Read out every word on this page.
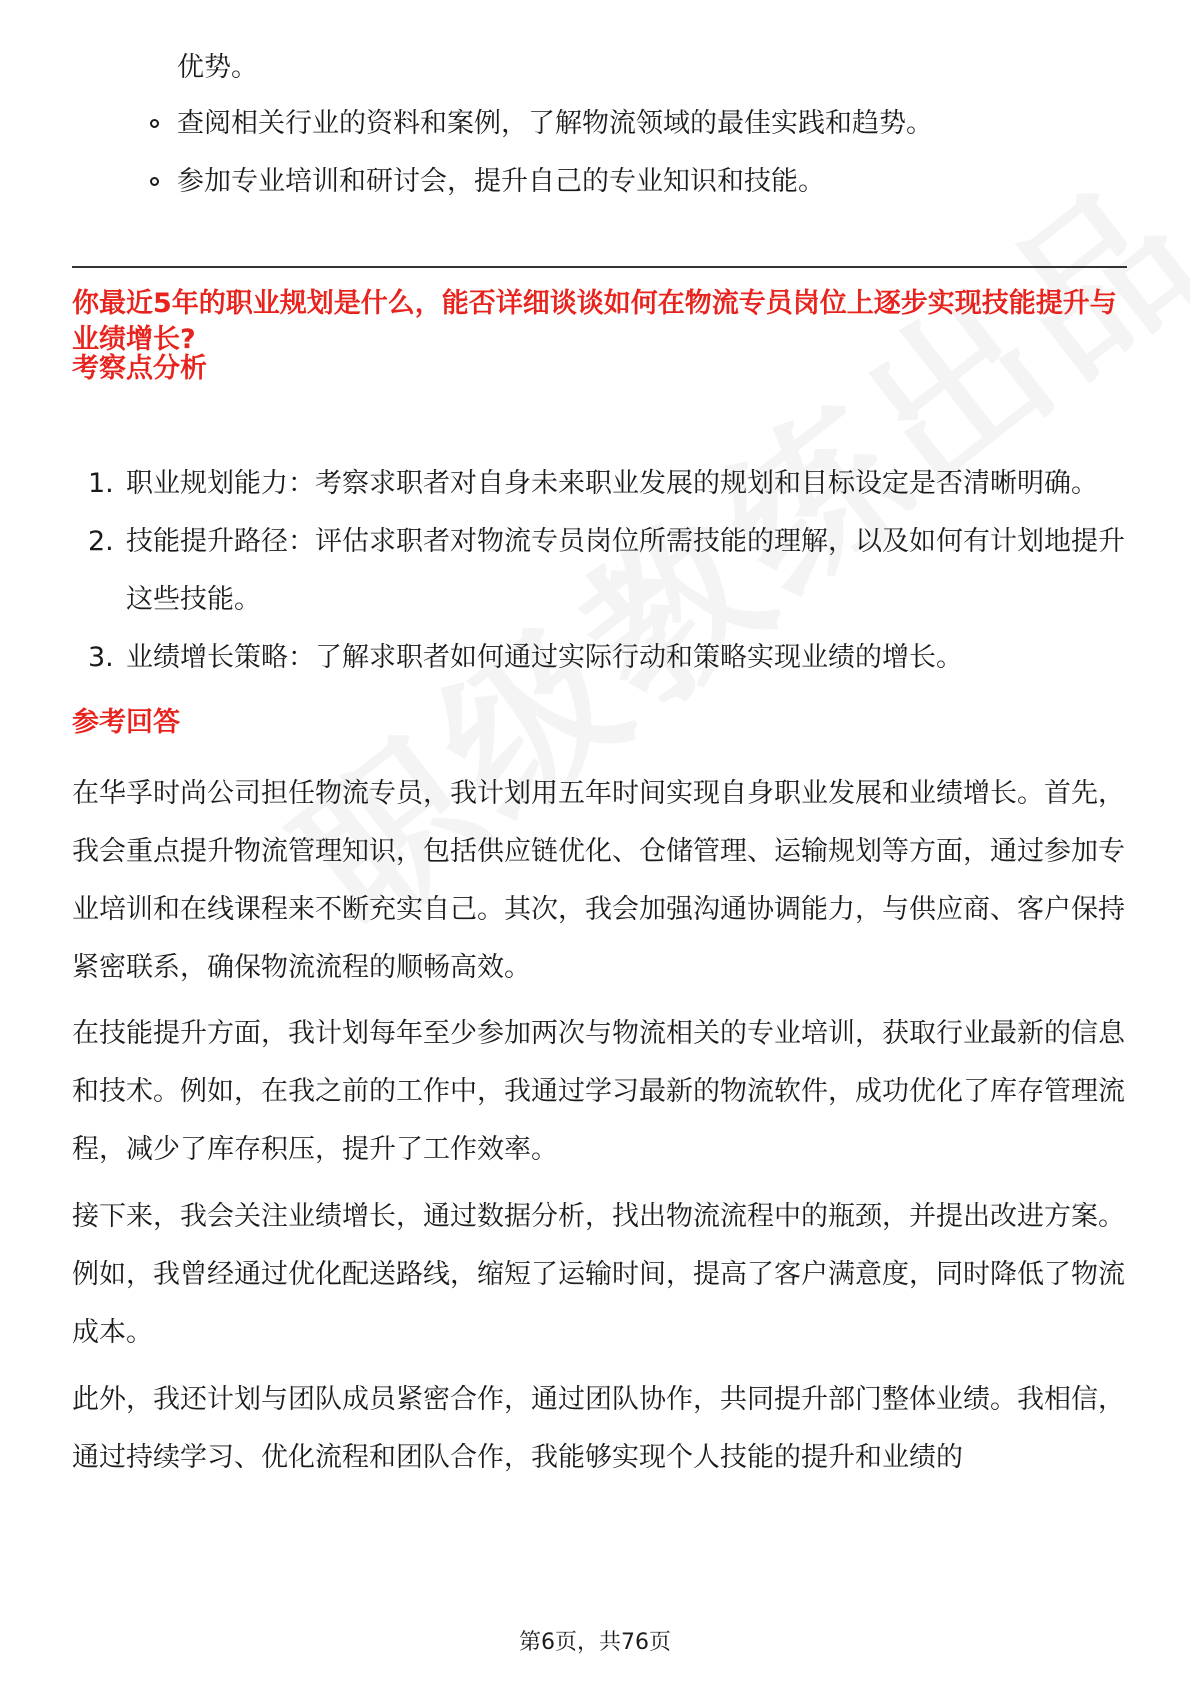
优势。
查阅相关行业的资料和案例，了解物流领域的最佳实践和趋势。
参加专业培训和研讨会，提升自己的专业知识和技能。
你最近5年的职业规划是什么，能否详细谈谈如何在物流专员岗位上逐步实现技能提升与业绩增长?
考察点分析
1. 职业规划能力：考察求职者对自身未来职业发展的规划和目标设定是否清晰明确。
2. 技能提升路径：评估求职者对物流专员岗位所需技能的理解，以及如何有计划地提升这些技能。
3. 业绩增长策略：了解求职者如何通过实际行动和策略实现业绩的增长。
参考回答

在华孚时尚公司担任物流专员，我计划用五年时间实现自身职业发展和业绩增长。首先，我会重点提升物流管理知识，包括供应链优化、仓储管理、运输规划等方面，通过参加专业培训和在线课程来不断充实自己。其次，我会加强沟通协调能力，与供应商、客户保持紧密联系，确保物流流程的顺畅高效。

在技能提升方面，我计划每年至少参加两次与物流相关的专业培训，获取行业最新的信息和技术。例如，在我之前的工作中，我通过学习最新的物流软件，成功优化了库存管理流程，减少了库存积压，提升了工作效率。

接下来，我会关注业绩增长，通过数据分析，找出物流流程中的瓶颈，并提出改进方案。例如，我曾经通过优化配送路线，缩短了运输时间，提高了客户满意度，同时降低了物流成本。

此外，我还计划与团队成员紧密合作，通过团队协作，共同提升部门整体业绩。我相信，通过持续学习、优化流程和团队合作，我能够实现个人技能的提升和业绩的

第6页，共76页
